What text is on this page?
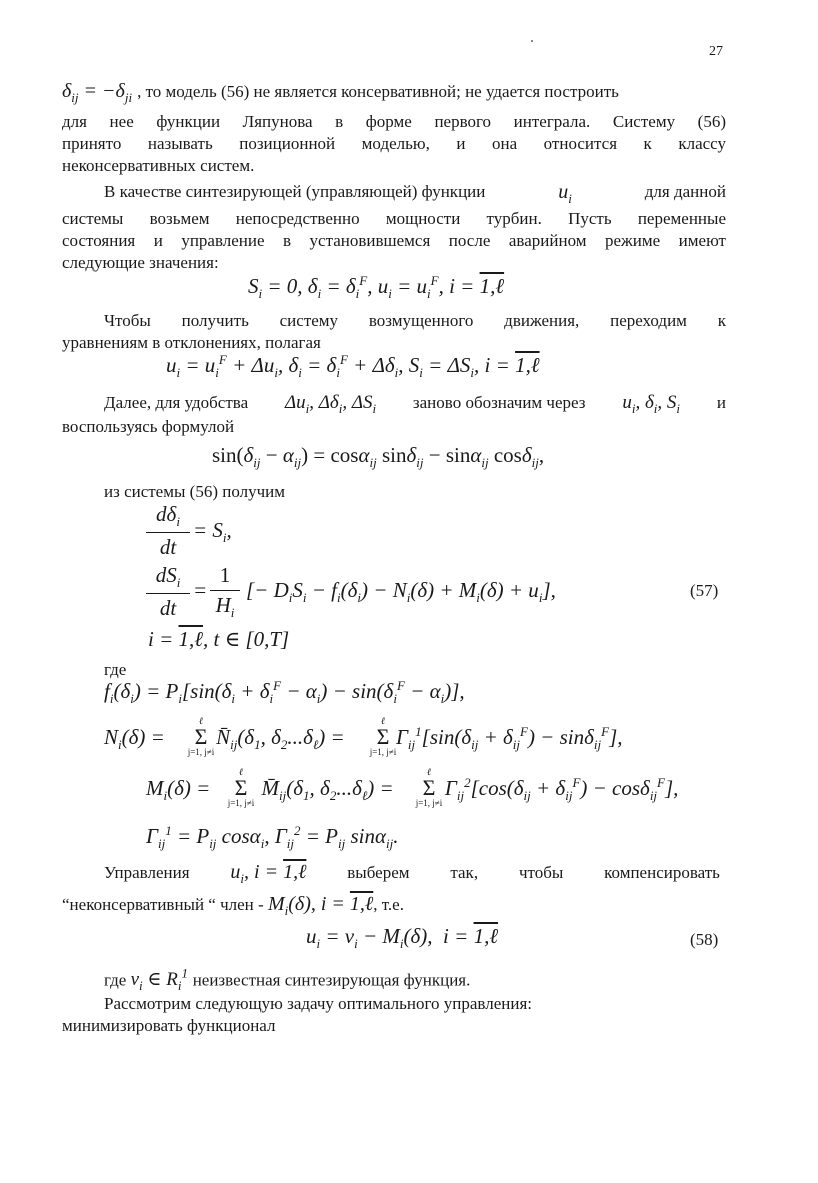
27
$\delta_{ij} = -\delta_{ji}$ , то модель (56) не является консервативной; не удается построить
для нее функции Ляпунова в форме первого интеграла. Систему (56)
принято называть позиционной моделью, и она относится к классу
неконсервативных систем.
В качестве синтезирующей (управляющей) функции	$u_i$	для данной
системы возьмем непосредственно мощности турбин. Пусть переменные
состояния и управление в установившемся после аварийном режиме имеют
следующие значения:
$S_i = 0$, $\delta_i = \delta_i^F$, $u_i = u_i^F$, i = 1,ℓ
Чтобы получить систему возмущенного движения, переходим к
уравнениям в отклонениях, полагая
$u_i = u_i^F + \Delta u_i$, $\delta_i = \delta_i^F + \Delta\delta_i$, $S_i = \Delta S_i$, i = 1,ℓ
Далее, для удобства $\Delta u_i$, $\Delta\delta_i$, $\Delta S_i$ заново обозначим через $u_i$, $\delta_i$, $S_i$ и
воспользуясь формулой
$\sin(\delta_{ij} - \alpha_{ij}) = \cos\alpha_{ij}$ sinδ$_{ij}$ − sinα$_{ij}$ cosδ$_{ij}$,
из системы (56) получим
$d\delta_i$
dt
= $S_i$,
$dS_i$
dt
=
1
$H_i$
[− $D_iS_i - f_i(\delta_i) - N_i(\delta) + M_i(\delta) + u_i$],	(57)
i = 1,ℓ, t ∈ [0,T]
где
$f_i(\delta_i) = P_i[\sin(\delta_i + \delta_i^F - \alpha_i) - \sin(\delta_i^F - \alpha_i)]$,
$N_i(\delta)$ = $N̄_{ij}(\delta_1$, $\delta_2...\delta_\ell) = \Gamma_{ij}^1[\sin(\delta_{ij} + \delta_{ij}^F) - \sin\delta_{ij}^F]$,
ℓ
Σ
j=1, j≠i
ℓ
Σ
j=1, j≠i
$M_i(\delta)$ = $M̄_{ij}(\delta_1$, $\delta_2...\delta_\ell) = \Gamma_{ij}^2[\cos(\delta_{ij} + \delta_{ij}^F) - \cos\delta_{ij}^F]$,
ℓ
Σ
j=1, j≠i
ℓ
Σ
j=1, j≠i
$\Gamma_{ij}^1 = P_{ij}$ cosα$_i$, $\Gamma_{ij}^2 = P_{ij}$ sinα$_{ij}$.
Управления $u_i$, i = 1,ℓ выберем так, чтобы компенсировать
“неконсервативный “ член - $M_i(\delta)$, i = 1,ℓ, т.е.
$u_i = v_i - M_i(\delta)$,  i = 1,ℓ	(58)
где $v_i$ ∈ $R_i^1$ неизвестная синтезирующая функция.
Рассмотрим следующую задачу оптимального управления:
минимизировать функционал
